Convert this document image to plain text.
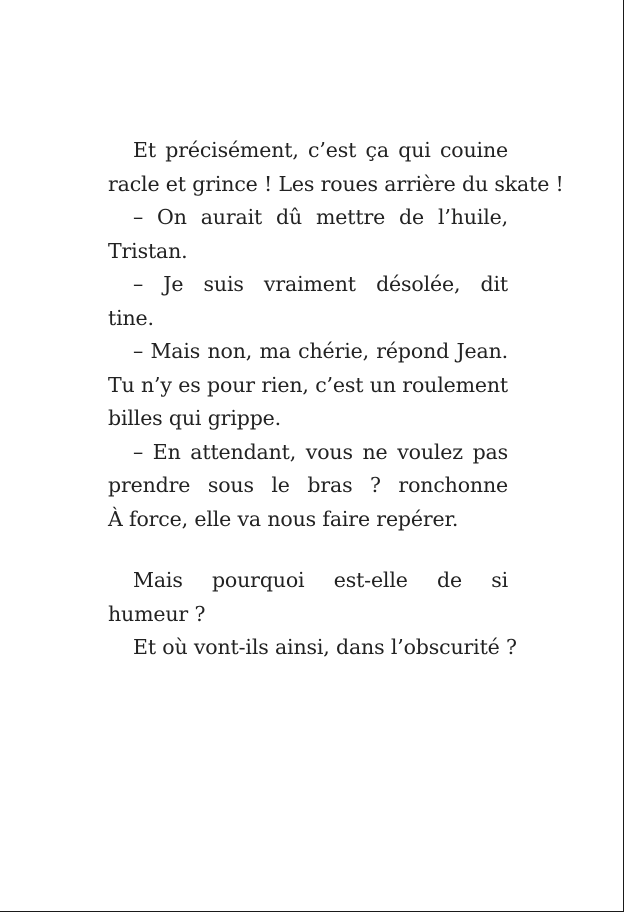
Et précisément, c’est ça qui couine
racle et grince ! Les roues arrière du skate !
– On aurait dû mettre de l’huile,
Tristan.
– Je suis vraiment désolée, dit
tine.
– Mais non, ma chérie, répond Jean.
Tu n’y es pour rien, c’est un roulement
billes qui grippe.
– En attendant, vous ne voulez pas
prendre sous le bras ? ronchonne
À force, elle va nous faire repérer.
Mais pourquoi est-elle de si
humeur ?
Et où vont-ils ainsi, dans l’obscurité ?
